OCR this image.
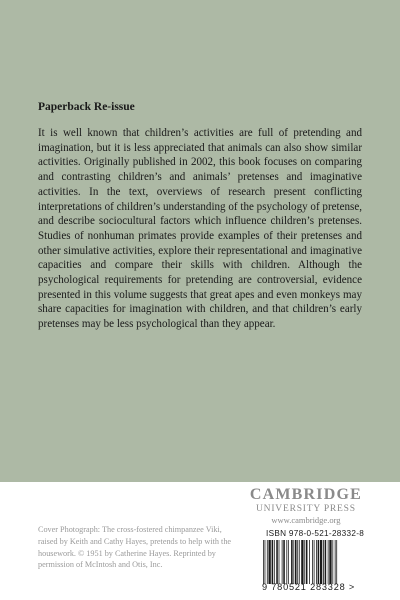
Paperback Re-issue

It is well known that children’s activities are full of pretending and imagination, but it is less appreciated that animals can also show similar activities. Originally published in 2002, this book focuses on comparing and contrasting children’s and animals’ pretenses and imaginative activities. In the text, overviews of research present conflicting interpretations of children’s understanding of the psychology of pretense, and describe sociocultural factors which influence children’s pretenses. Studies of nonhuman primates provide examples of their pretenses and other simulative activities, explore their representational and imaginative capacities and compare their skills with children. Although the psychological requirements for pretending are controversial, evidence presented in this volume suggests that great apes and even monkeys may share capacities for imagination with children, and that children’s early pretenses may be less psychological than they appear.

CAMBRIDGE
UNIVERSITY PRESS
www.cambridge.org
Cover Photograph: The cross-fostered chimpanzee Viki, raised by Keith and Cathy Hayes, pretends to help with the housework. © 1951 by Catherine Hayes. Reprinted by permission of McIntosh and Otis, Inc.
ISBN 978-0-521-28332-8
9 780521 283328 >
